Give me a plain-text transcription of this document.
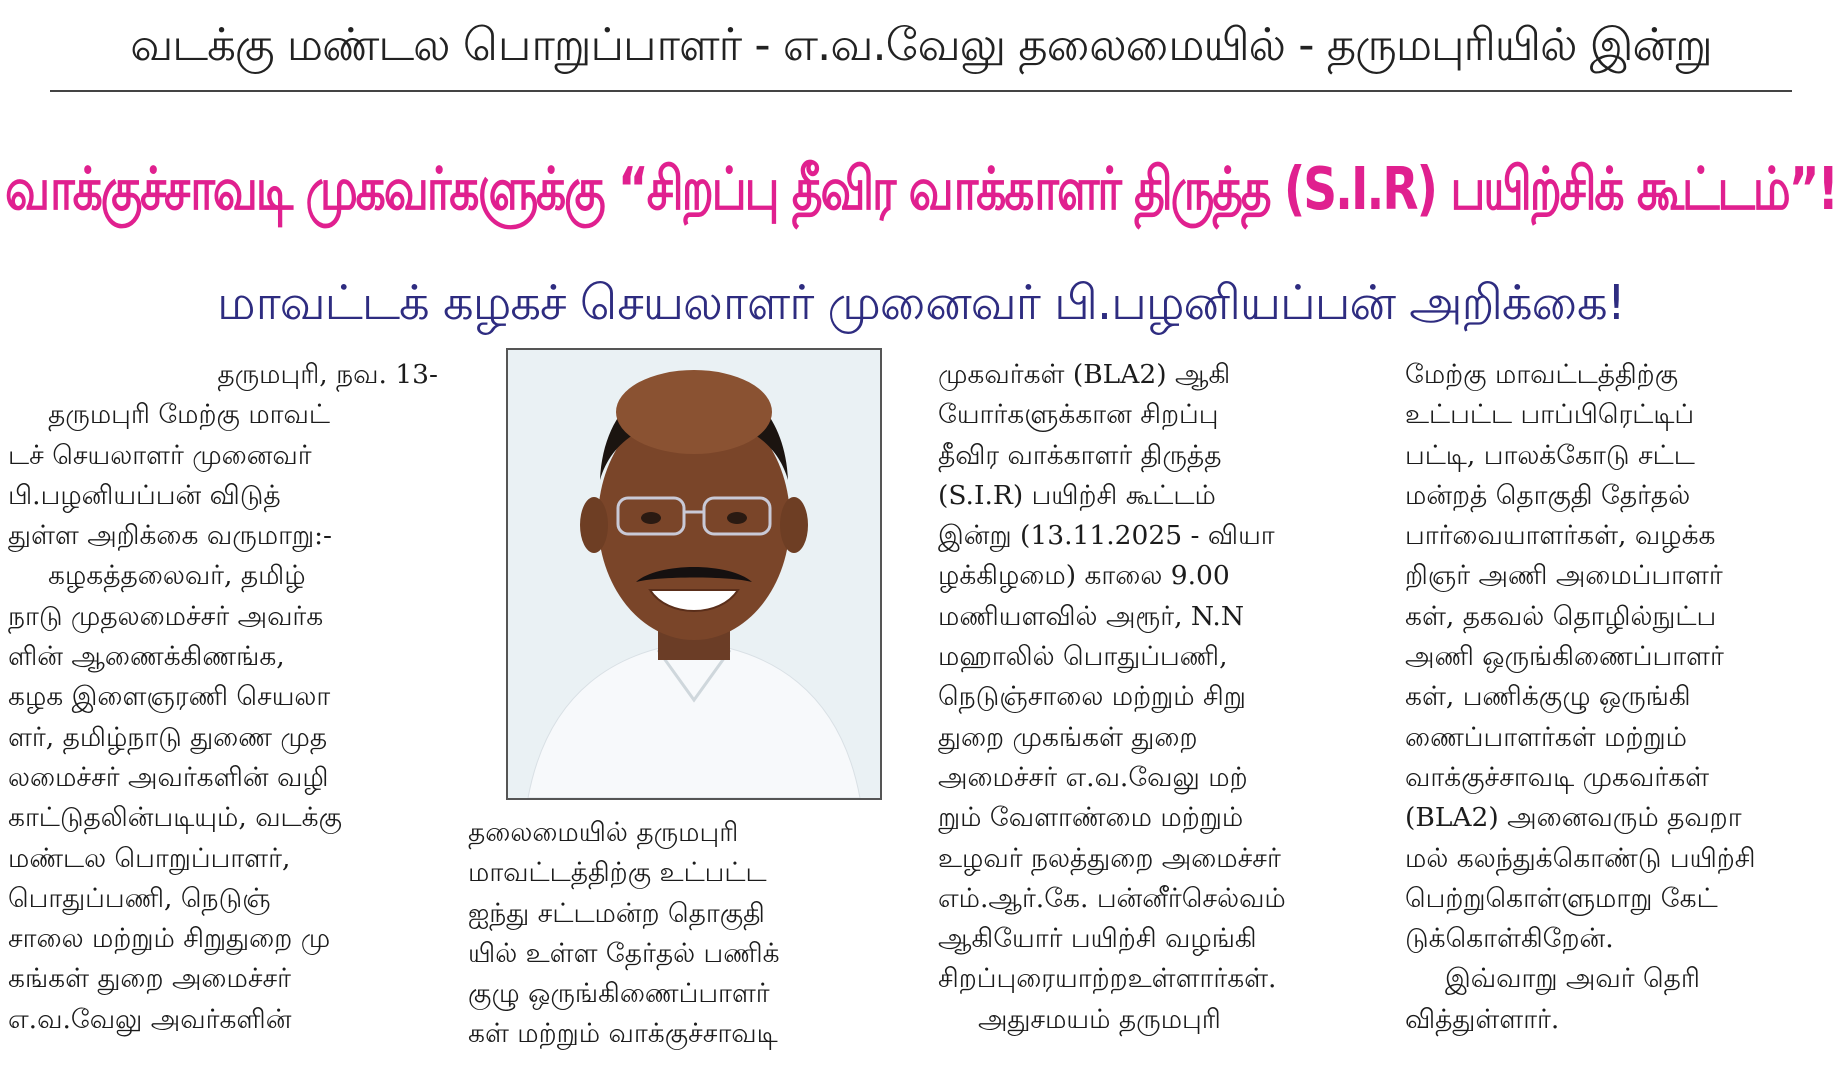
வடக்கு மண்டல பொறுப்பாளர் - எ.வ.வேலு தலைமையில் - தருமபுரியில் இன்று
வாக்குச்சாவடி முகவர்களுக்கு “சிறப்பு தீவிர வாக்காளர் திருத்த (S.I.R) பயிற்சிக் கூட்டம்”!
மாவட்டக் கழகச் செயலாளர் முனைவர் பி.பழனியப்பன் அறிக்கை!

தருமபுரி, நவ. 13-
தருமபுரி மேற்கு மாவட்
டச் செயலாளர் முனைவர்
பி.பழனியப்பன் விடுத்
துள்ள அறிக்கை வருமாறு:-
கழகத்தலைவர், தமிழ்
நாடு முதலமைச்சர் அவர்க
ளின் ஆணைக்கிணங்க,
கழக இளைஞரணி செயலா
ளர், தமிழ்நாடு துணை முத
லமைச்சர் அவர்களின் வழி
காட்டுதலின்படியும், வடக்கு
மண்டல பொறுப்பாளர்,
பொதுப்பணி, நெடுஞ்
சாலை மற்றும் சிறுதுறை மு
கங்கள் துறை அமைச்சர்
எ.வ.வேலு அவர்களின்

தலைமையில் தருமபுரி
மாவட்டத்திற்கு உட்பட்ட
ஐந்து சட்டமன்ற தொகுதி
யில் உள்ள தேர்தல் பணிக்
குழு ஒருங்கிணைப்பாளர்
கள் மற்றும் வாக்குச்சாவடி

முகவர்கள் (BLA2) ஆகி
யோர்களுக்கான சிறப்பு
தீவிர வாக்காளர் திருத்த
(S.I.R) பயிற்சி கூட்டம்
இன்று (13.11.2025 - வியா
ழக்கிழமை) காலை 9.00
மணியளவில் அரூர், N.N
மஹாலில் பொதுப்பணி,
நெடுஞ்சாலை மற்றும் சிறு
துறை முகங்கள் துறை
அமைச்சர் எ.வ.வேலு மற்
றும் வேளாண்மை மற்றும்
உழவர் நலத்துறை அமைச்சர்
எம்.ஆர்.கே. பன்னீர்செல்வம்
ஆகியோர் பயிற்சி வழங்கி
சிறப்புரையாற்றஉள்ளார்கள்.
அதுசமயம் தருமபுரி

மேற்கு மாவட்டத்திற்கு
உட்பட்ட பாப்பிரெட்டிப்
பட்டி, பாலக்கோடு சட்ட
மன்றத் தொகுதி தேர்தல்
பார்வையாளர்கள், வழக்க
றிஞர் அணி அமைப்பாளர்
கள், தகவல் தொழில்நுட்ப
அணி ஒருங்கிணைப்பாளர்
கள், பணிக்குழு ஒருங்கி
ணைப்பாளர்கள் மற்றும்
வாக்குச்சாவடி முகவர்கள்
(BLA2) அனைவரும் தவறா
மல் கலந்துக்கொண்டு பயிற்சி
பெற்றுகொள்ளுமாறு கேட்
டுக்கொள்கிறேன்.
இவ்வாறு அவர் தெரி
வித்துள்ளார்.
